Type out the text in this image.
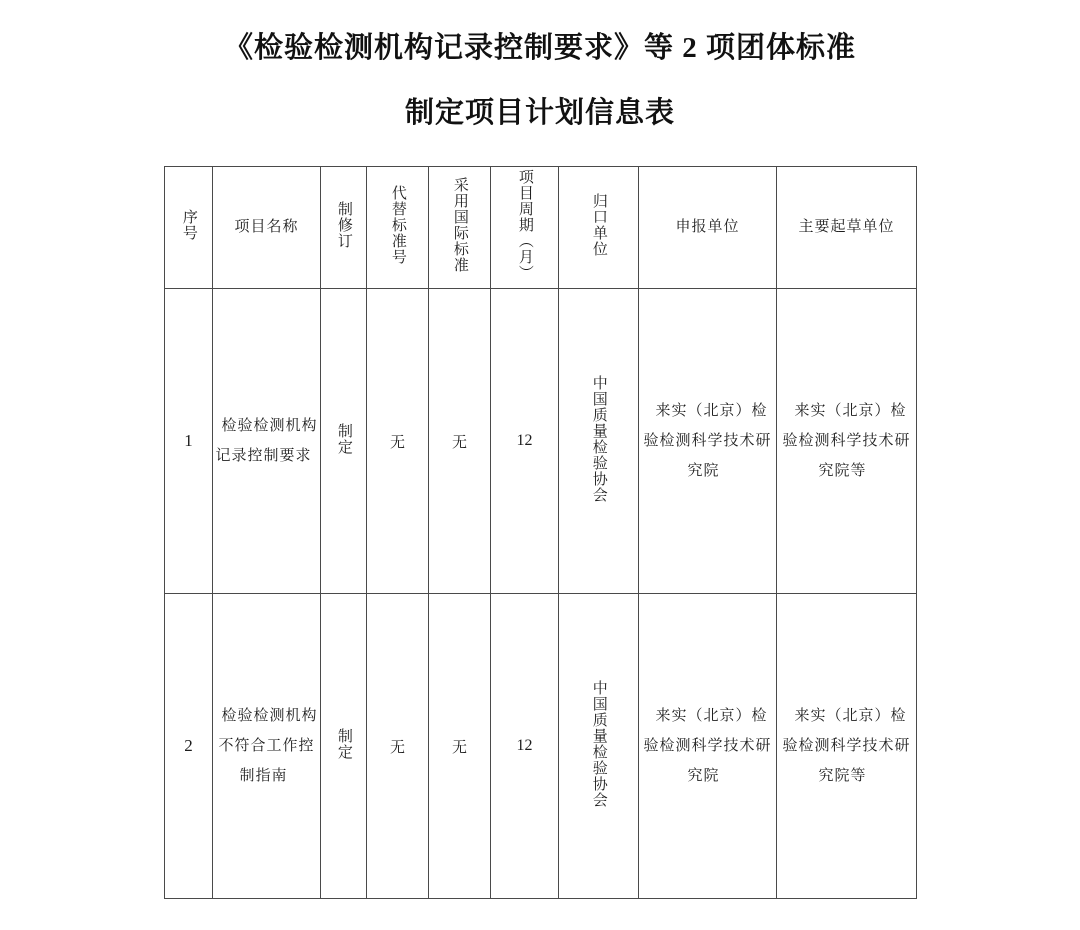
《检验检测机构记录控制要求》等 2 项团体标准
制定项目计划信息表
序号	项目名称	制修订	代替标准号	采用国际标准	项目周期（月）	归口单位	申报单位	主要起草单位
1	检验检测机构记录控制要求	制定	无	无	12	中国质量检验协会	来实（北京）检验检测科学技术研究院	来实（北京）检验检测科学技术研究院等
2	检验检测机构不符合工作控制指南	制定	无	无	12	中国质量检验协会	来实（北京）检验检测科学技术研究院	来实（北京）检验检测科学技术研究院等
